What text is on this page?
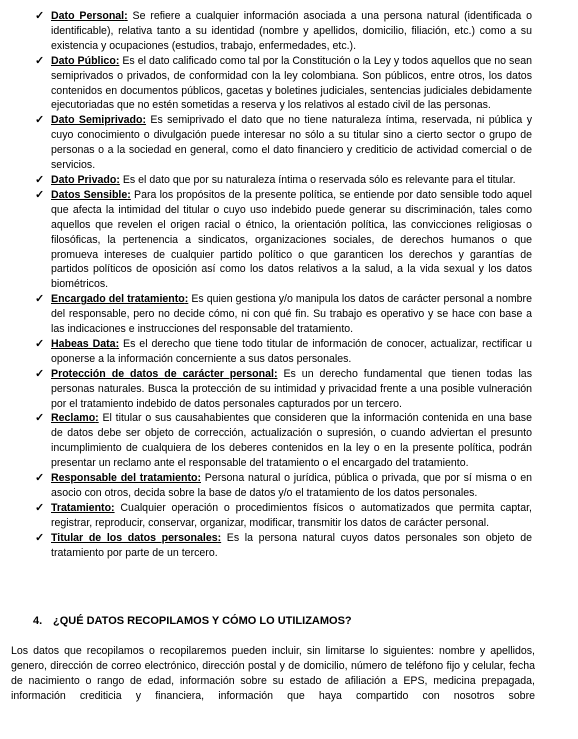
✓ Dato Personal: Se refiere a cualquier información asociada a una persona natural (identificada o identificable), relativa tanto a su identidad (nombre y apellidos, domicilio, filiación, etc.) como a su existencia y ocupaciones (estudios, trabajo, enfermedades, etc.).

✓ Dato Público: Es el dato calificado como tal por la Constitución o la Ley y todos aquellos que no sean semiprivados o privados, de conformidad con la ley colombiana. Son públicos, entre otros, los datos contenidos en documentos públicos, gacetas y boletines judiciales, sentencias judiciales debidamente ejecutoriadas que no estén sometidas a reserva y los relativos al estado civil de las personas.

✓ Dato Semiprivado: Es semiprivado el dato que no tiene naturaleza íntima, reservada, ni pública y cuyo conocimiento o divulgación puede interesar no sólo a su titular sino a cierto sector o grupo de personas o a la sociedad en general, como el dato financiero y crediticio de actividad comercial o de servicios.

✓ Dato Privado: Es el dato que por su naturaleza íntima o reservada sólo es relevante para el titular.

✓ Datos Sensible: Para los propósitos de la presente política, se entiende por dato sensible todo aquel que afecta la intimidad del titular o cuyo uso indebido puede generar su discriminación, tales como aquellos que revelen el origen racial o étnico, la orientación política, las convicciones religiosas o filosóficas, la pertenencia a sindicatos, organizaciones sociales, de derechos humanos o que promueva intereses de cualquier partido político o que garanticen los derechos y garantías de partidos políticos de oposición así como los datos relativos a la salud, a la vida sexual y los datos biométricos.

✓ Encargado del tratamiento: Es quien gestiona y/o manipula los datos de carácter personal a nombre del responsable, pero no decide cómo, ni con qué fin. Su trabajo es operativo y se hace con base a las indicaciones e instrucciones del responsable del tratamiento.

✓ Habeas Data: Es el derecho que tiene todo titular de información de conocer, actualizar, rectificar u oponerse a la información concerniente a sus datos personales.

✓ Protección de datos de carácter personal: Es un derecho fundamental que tienen todas las personas naturales. Busca la protección de su intimidad y privacidad frente a una posible vulneración por el tratamiento indebido de datos personales capturados por un tercero.

✓ Reclamo: El titular o sus causahabientes que consideren que la información contenida en una base de datos debe ser objeto de corrección, actualización o supresión, o cuando adviertan el presunto incumplimiento de cualquiera de los deberes contenidos en la ley o en la presente política, podrán presentar un reclamo ante el responsable del tratamiento o el encargado del tratamiento.

✓ Responsable del tratamiento: Persona natural o jurídica, pública o privada, que por sí misma o en asocio con otros, decida sobre la base de datos y/o el tratamiento de los datos personales.

✓ Tratamiento: Cualquier operación o procedimientos físicos o automatizados que permita captar, registrar, reproducir, conservar, organizar, modificar, transmitir los datos de carácter personal.

✓ Titular de los datos personales: Es la persona natural cuyos datos personales son objeto de tratamiento por parte de un tercero.

4. ¿QUÉ DATOS RECOPILAMOS Y CÓMO LO UTILIZAMOS?

Los datos que recopilamos o recopilaremos pueden incluir, sin limitarse lo siguientes: nombre y apellidos, genero, dirección de correo electrónico, dirección postal y de domicilio, número de teléfono fijo y celular, fecha de nacimiento o rango de edad, información sobre su estado de afiliación a EPS, medicina prepagada, información crediticia y financiera, información que haya compartido con nosotros sobre
